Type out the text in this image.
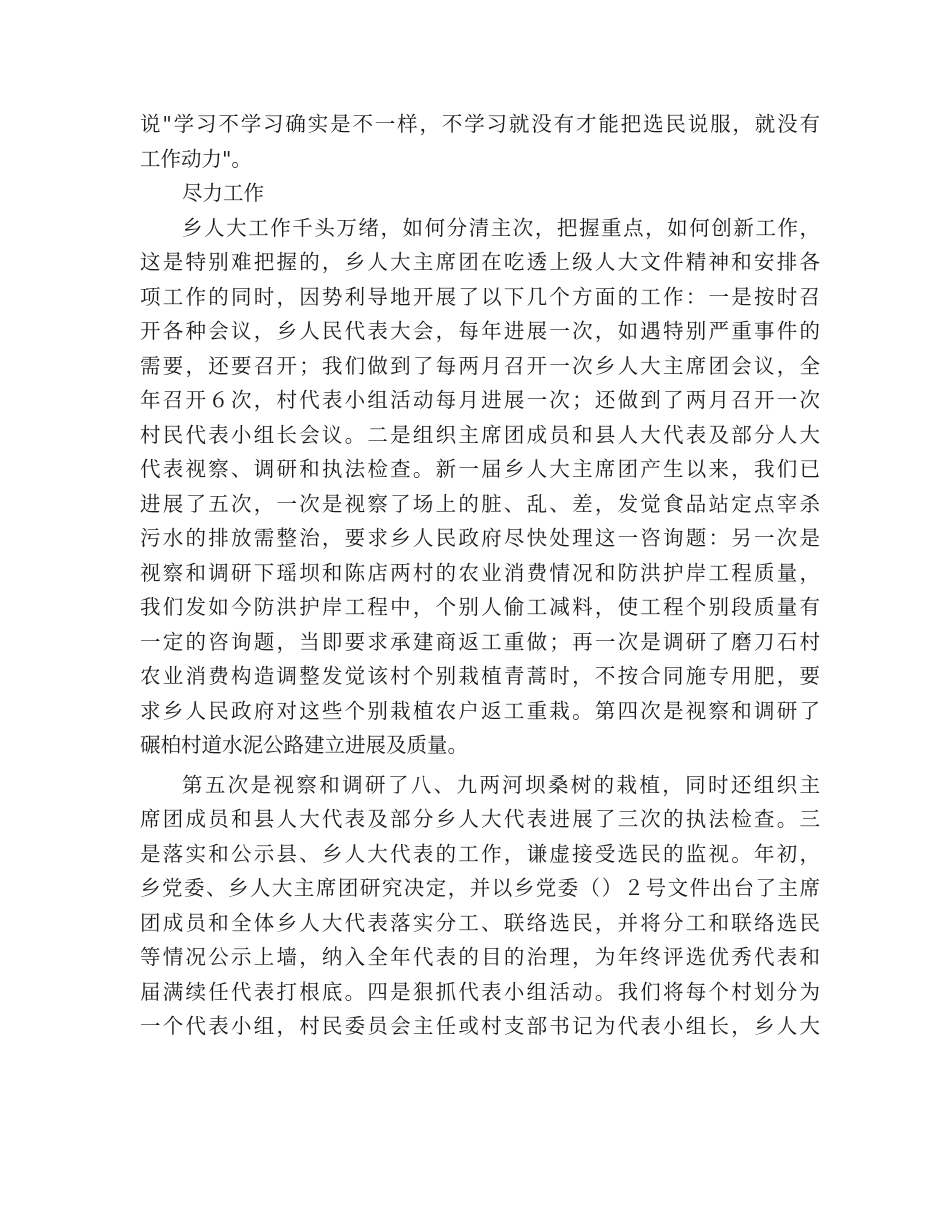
说"学习不学习确实是不一样，不学习就没有才能把选民说服，就没有
工作动力"。
尽力工作
乡人大工作千头万绪，如何分清主次，把握重点，如何创新工作，
这是特别难把握的，乡人大主席团在吃透上级人大文件精神和安排各
项工作的同时，因势利导地开展了以下几个方面的工作：一是按时召
开各种会议，乡人民代表大会，每年进展一次，如遇特别严重事件的
需要，还要召开；我们做到了每两月召开一次乡人大主席团会议，全
年召开６次，村代表小组活动每月进展一次；还做到了两月召开一次
村民代表小组长会议。二是组织主席团成员和县人大代表及部分人大
代表视察、调研和执法检查。新一届乡人大主席团产生以来，我们已
进展了五次，一次是视察了场上的脏、乱、差，发觉食品站定点宰杀
污水的排放需整治，要求乡人民政府尽快处理这一咨询题：另一次是
视察和调研下瑶坝和陈店两村的农业消费情况和防洪护岸工程质量，
我们发如今防洪护岸工程中，个别人偷工减料，使工程个别段质量有
一定的咨询题，当即要求承建商返工重做；再一次是调研了磨刀石村
农业消费构造调整发觉该村个别栽植青蒿时，不按合同施专用肥，要
求乡人民政府对这些个别栽植农户返工重栽。第四次是视察和调研了
碾柏村道水泥公路建立进展及质量。
第五次是视察和调研了八、九两河坝桑树的栽植，同时还组织主
席团成员和县人大代表及部分乡人大代表进展了三次的执法检查。三
是落实和公示县、乡人大代表的工作，谦虚接受选民的监视。年初，
乡党委、乡人大主席团研究决定，并以乡党委（）２号文件出台了主席
团成员和全体乡人大代表落实分工、联络选民，并将分工和联络选民
等情况公示上墙，纳入全年代表的目的治理，为年终评选优秀代表和
届满续任代表打根底。四是狠抓代表小组活动。我们将每个村划分为
一个代表小组，村民委员会主任或村支部书记为代表小组长，乡人大
